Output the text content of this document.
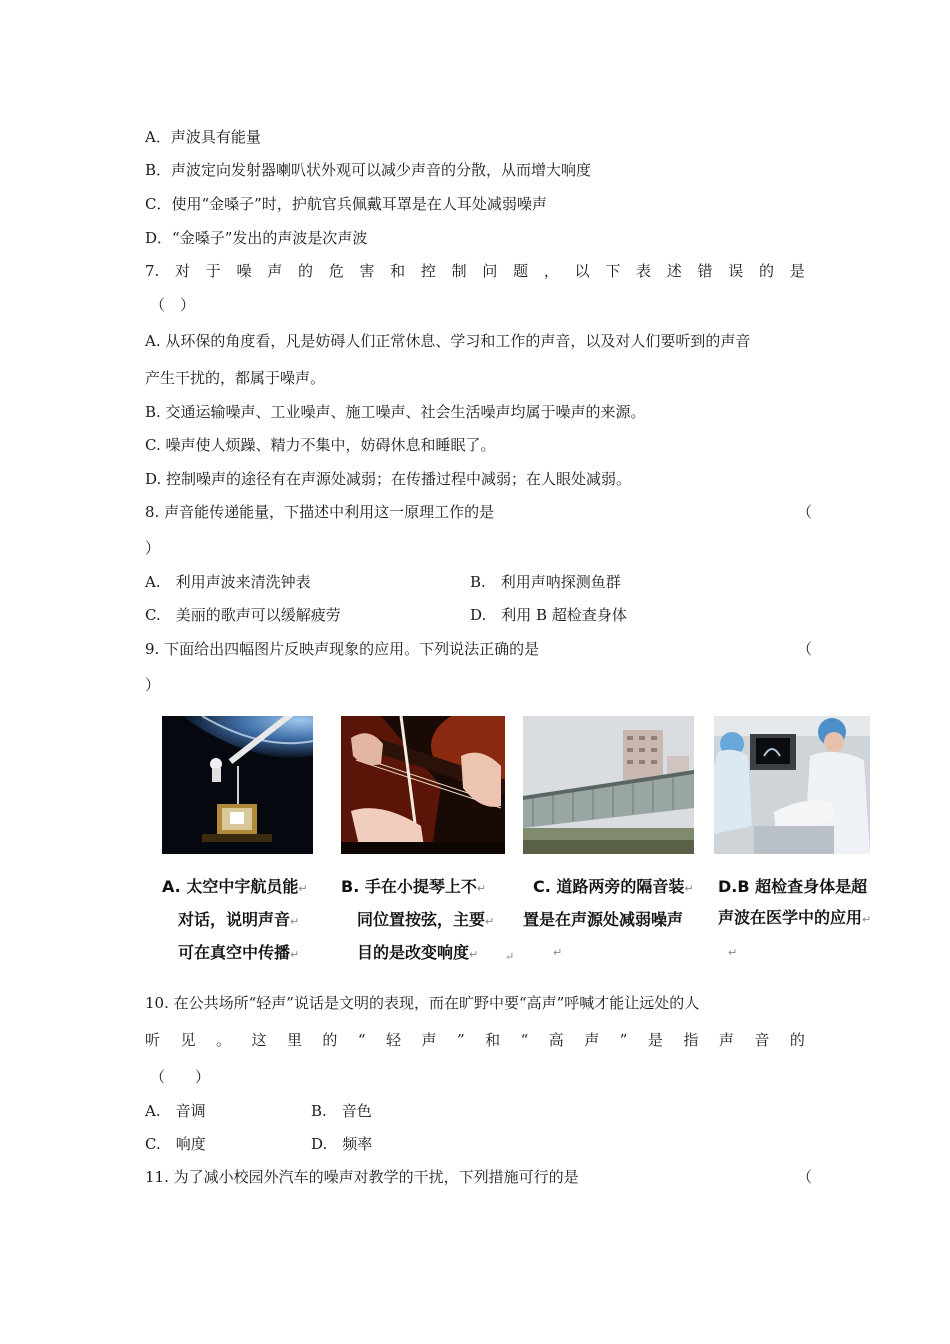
A．声波具有能量
B．声波定向发射器喇叭状外观可以减少声音的分散，从而增大响度
C．使用“金嗓子”时，护航官兵佩戴耳罩是在人耳处减弱噪声
D．“金嗓子”发出的声波是次声波
7. 对 于 噪 声 的 危 害 和 控 制 问 题 ， 以 下 表 述 错 误 的 是
（　）
A. 从环保的角度看，凡是妨碍人们正常休息、学习和工作的声音，以及对人们要听到的声音
产生干扰的，都属于噪声。
B. 交通运输噪声、工业噪声、施工噪声、社会生活噪声均属于噪声的来源。
C. 噪声使人烦躁、精力不集中，妨碍休息和睡眠了。
D. 控制噪声的途径有在声源处减弱；在传播过程中减弱；在人眼处减弱。
8. 声音能传递能量，下描述中利用这一原理工作的是	（
）
A.　利用声波来清洗钟表	B.　利用声呐探测鱼群
C.　美丽的歌声可以缓解疲劳	D.　利用 B 超检查身体
9. 下面给出四幅图片反映声现象的应用。下列说法正确的是	（
）
A. 太空中宇航员能↵
对话，说明声音↵
可在真空中传播↵
B. 手在小提琴上不↵
同位置按弦，主要↵
目的是改变响度↵
C. 道路两旁的隔音装↵
置是在声源处减弱噪声
↵
D.B 超检查身体是超
声波在医学中的应用↵
↵
↵
10. 在公共场所“轻声”说话是文明的表现，而在旷野中要“高声”呼喊才能让远处的人
听 见 。 这 里 的 “ 轻 声 ” 和 “ 高 声 ” 是 指 声 音 的
（　　）
A.　音调	B.　音色
C.　响度	D.　频率
11. 为了减小校园外汽车的噪声对教学的干扰，下列措施可行的是	（
